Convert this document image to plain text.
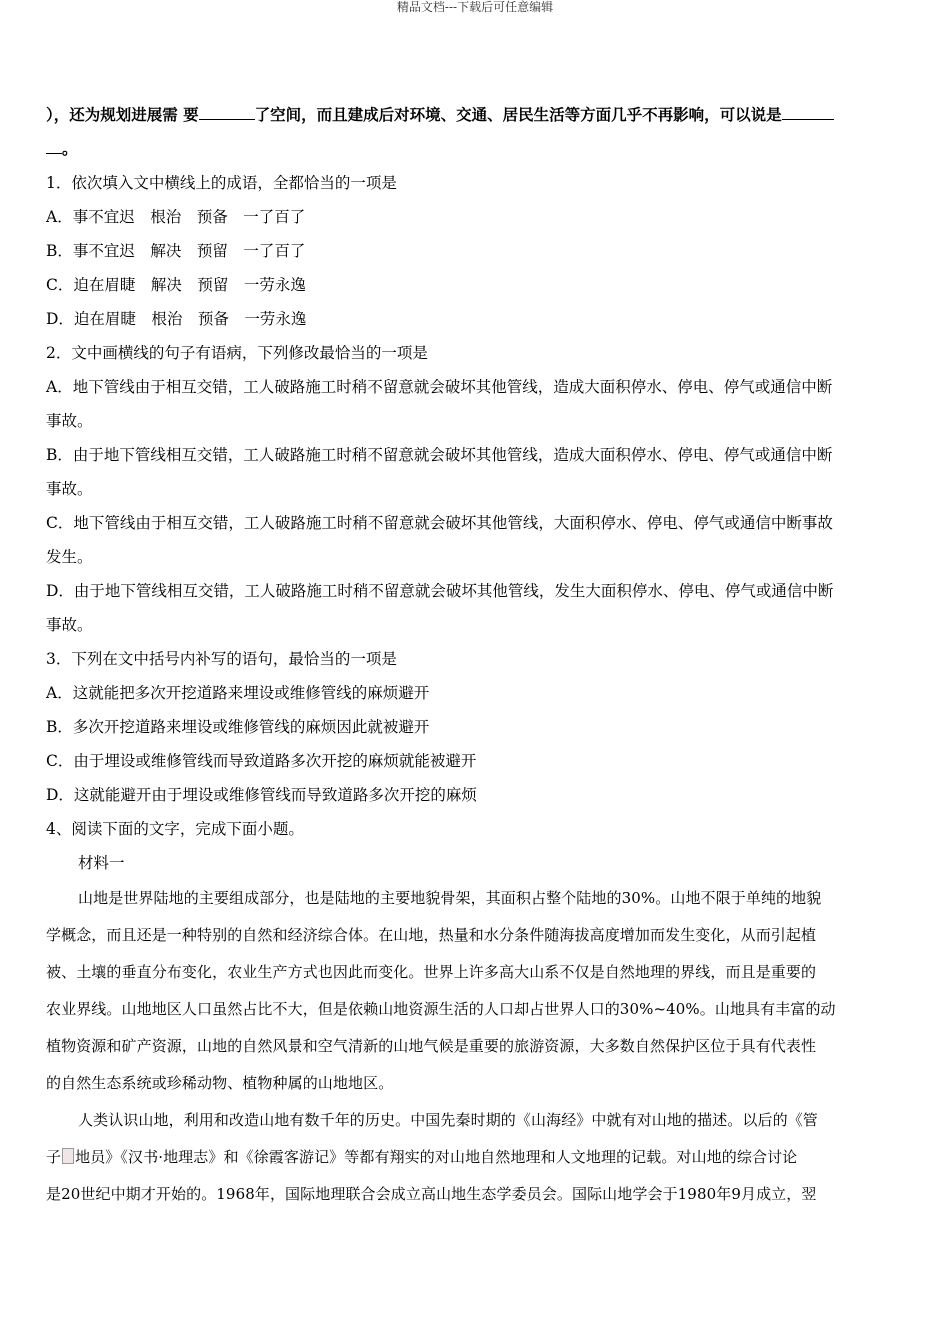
精品文档---下载后可任意编辑
），还为规划进展需 要	了空间，而且建成后对环境、交通、居民生活等方面几乎不再影响，可以说是
。
1．依次填入文中横线上的成语，全都恰当的一项是
A．事不宜迟　根治　预备　一了百了
B．事不宜迟　解决　预留　一了百了
C．迫在眉睫　解决　预留　一劳永逸
D．迫在眉睫　根治　预备　一劳永逸
2．文中画横线的句子有语病，下列修改最恰当的一项是
A．地下管线由于相互交错，工人破路施工时稍不留意就会破坏其他管线，造成大面积停水、停电、停气或通信中断
事故。
B．由于地下管线相互交错，工人破路施工时稍不留意就会破坏其他管线，造成大面积停水、停电、停气或通信中断
事故。
C．地下管线由于相互交错，工人破路施工时稍不留意就会破坏其他管线，大面积停水、停电、停气或通信中断事故
发生。
D．由于地下管线相互交错，工人破路施工时稍不留意就会破坏其他管线，发生大面积停水、停电、停气或通信中断
事故。
3．下列在文中括号内补写的语句，最恰当的一项是
A．这就能把多次开挖道路来埋设或维修管线的麻烦避开
B．多次开挖道路来埋设或维修管线的麻烦因此就被避开
C．由于埋设或维修管线而导致道路多次开挖的麻烦就能被避开
D．这就能避开由于埋设或维修管线而导致道路多次开挖的麻烦
4、阅读下面的文字，完成下面小题。
材料一
山地是世界陆地的主要组成部分，也是陆地的主要地貌骨架，其面积占整个陆地的30%。山地不限于单纯的地貌
学概念，而且还是一种特别的自然和经济综合体。在山地，热量和水分条件随海拔高度增加而发生变化，从而引起植
被、土壤的垂直分布变化，农业生产方式也因此而变化。世界上许多高大山系不仅是自然地理的界线，而且是重要的
农业界线。山地地区人口虽然占比不大，但是依赖山地资源生活的人口却占世界人口的30%~40%。山地具有丰富的动
植物资源和矿产资源，山地的自然风景和空气清新的山地气候是重要的旅游资源，大多数自然保护区位于具有代表性
的自然生态系统或珍稀动物、植物种属的山地地区。
人类认识山地，利用和改造山地有数千年的历史。中国先秦时期的《山海经》中就有对山地的描述。以后的《管
子 地员》《汉书·地理志》和《徐霞客游记》等都有翔实的对山地自然地理和人文地理的记载。对山地的综合讨论
是20世纪中期才开始的。1968年，国际地理联合会成立高山地生态学委员会。国际山地学会于1980年9月成立，翌
